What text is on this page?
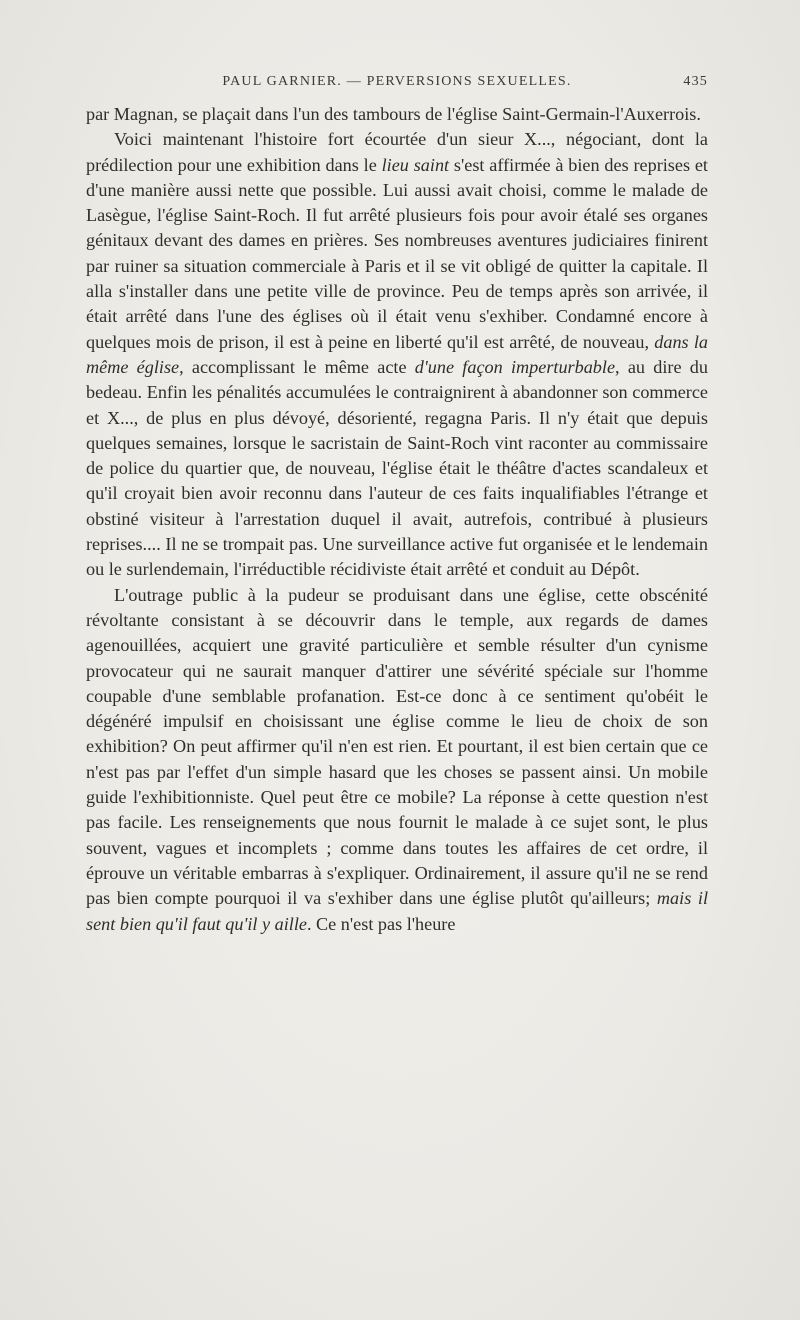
PAUL GARNIER. — PERVERSIONS SEXUELLES.	435

par Magnan, se plaçait dans l'un des tambours de l'église Saint-Germain-l'Auxerrois.

Voici maintenant l'histoire fort écourtée d'un sieur X..., négociant, dont la prédilection pour une exhibition dans le lieu saint s'est affirmée à bien des reprises et d'une manière aussi nette que possible. Lui aussi avait choisi, comme le malade de Lasègue, l'église Saint-Roch. Il fut arrêté plusieurs fois pour avoir étalé ses organes génitaux devant des dames en prières. Ses nombreuses aventures judiciaires finirent par ruiner sa situation commerciale à Paris et il se vit obligé de quitter la capitale. Il alla s'installer dans une petite ville de province. Peu de temps après son arrivée, il était arrêté dans l'une des églises où il était venu s'exhiber. Condamné encore à quelques mois de prison, il est à peine en liberté qu'il est arrêté, de nouveau, dans la même église, accomplissant le même acte d'une façon imperturbable, au dire du bedeau. Enfin les pénalités accumulées le contraignirent à abandonner son commerce et X..., de plus en plus dévoyé, désorienté, regagna Paris. Il n'y était que depuis quelques semaines, lorsque le sacristain de Saint-Roch vint raconter au commissaire de police du quartier que, de nouveau, l'église était le théâtre d'actes scandaleux et qu'il croyait bien avoir reconnu dans l'auteur de ces faits inqualifiables l'étrange et obstiné visiteur à l'arrestation duquel il avait, autrefois, contribué à plusieurs reprises.... Il ne se trompait pas. Une surveillance active fut organisée et le lendemain ou le surlendemain, l'irréductible récidiviste était arrêté et conduit au Dépôt.

L'outrage public à la pudeur se produisant dans une église, cette obscénité révoltante consistant à se découvrir dans le temple, aux regards de dames agenouillées, acquiert une gravité particulière et semble résulter d'un cynisme provocateur qui ne saurait manquer d'attirer une sévérité spéciale sur l'homme coupable d'une semblable profanation. Est-ce donc à ce sentiment qu'obéit le dégénéré impulsif en choisissant une église comme le lieu de choix de son exhibition? On peut affirmer qu'il n'en est rien. Et pourtant, il est bien certain que ce n'est pas par l'effet d'un simple hasard que les choses se passent ainsi. Un mobile guide l'exhibitionniste. Quel peut être ce mobile? La réponse à cette question n'est pas facile. Les renseignements que nous fournit le malade à ce sujet sont, le plus souvent, vagues et incomplets ; comme dans toutes les affaires de cet ordre, il éprouve un véritable embarras à s'expliquer. Ordinairement, il assure qu'il ne se rend pas bien compte pourquoi il va s'exhiber dans une église plutôt qu'ailleurs; mais il sent bien qu'il faut qu'il y aille. Ce n'est pas l'heure
